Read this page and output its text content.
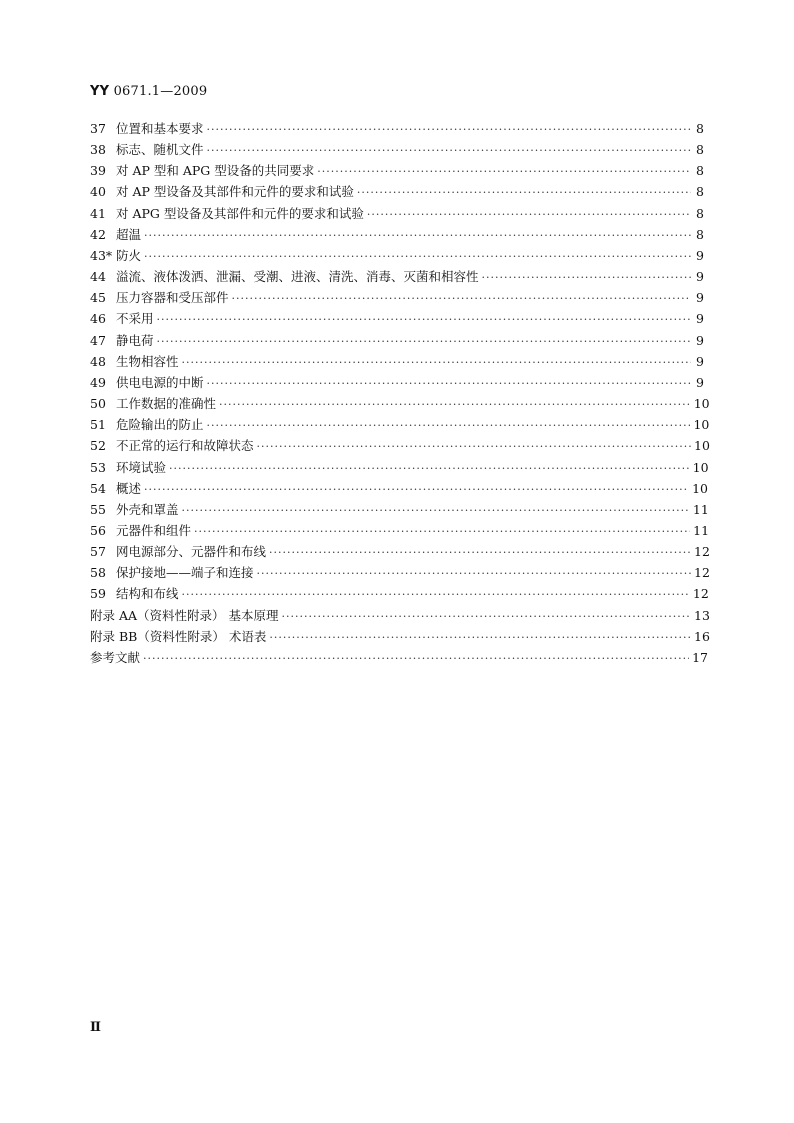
YY 0671.1—2009
37 位置和基本要求 ·····	8
38 标志、随机文件 ·····	8
39 对 AP 型和 APG 型设备的共同要求 ·····	8
40 对 AP 型设备及其部件和元件的要求和试验 ·····	8
41 对 APG 型设备及其部件和元件的要求和试验 ·····	8
42 超温 ·····	8
43* 防火 ·····	9
44 溢流、液体泼洒、泄漏、受潮、进液、清洗、消毒、灭菌和相容性 ·····	9
45 压力容器和受压部件 ·····	9
46 不采用 ·····	9
47 静电荷 ·····	9
48 生物相容性 ·····	9
49 供电电源的中断 ·····	9
50 工作数据的准确性 ·····	10
51 危险输出的防止 ·····	10
52 不正常的运行和故障状态 ·····	10
53 环境试验 ·····	10
54 概述 ·····	10
55 外壳和罩盖 ·····	11
56 元器件和组件 ·····	11
57 网电源部分、元器件和布线 ·····	12
58 保护接地——端子和连接 ·····	12
59 结构和布线 ·····	12
附录 AA（资料性附录） 基本原理 ·····	13
附录 BB（资料性附录） 术语表 ·····	16
参考文献 ·····	17
Ⅱ
